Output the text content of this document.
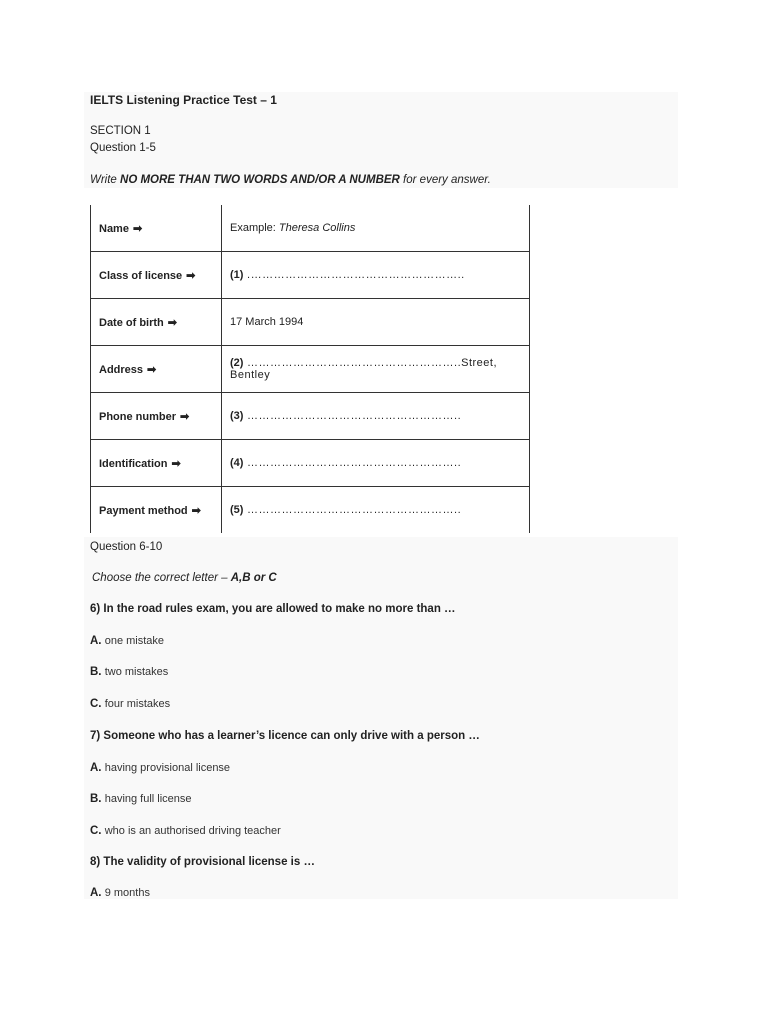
IELTS Listening Practice Test – 1
SECTION 1
Question 1-5
Write NO MORE THAN TWO WORDS AND/OR A NUMBER for every answer.
Name ➡	Example: Theresa Collins
Class of license ➡	(1) .………………………………………………..
Date of birth ➡	17 March 1994
Address ➡	(2) ………………………………………………..Street, Bentley
Phone number ➡	(3) ………………………………………………..
Identification ➡	(4) ………………………………………………..
Payment method ➡	(5) ………………………………………………..
Question 6-10
Choose the correct letter – A,B or C
6) In the road rules exam, you are allowed to make no more than …
A. one mistake
B. two mistakes
C. four mistakes
7) Someone who has a learner’s licence can only drive with a person …
A. having provisional license
B. having full license
C. who is an authorised driving teacher
8) The validity of provisional license is …
A. 9 months
